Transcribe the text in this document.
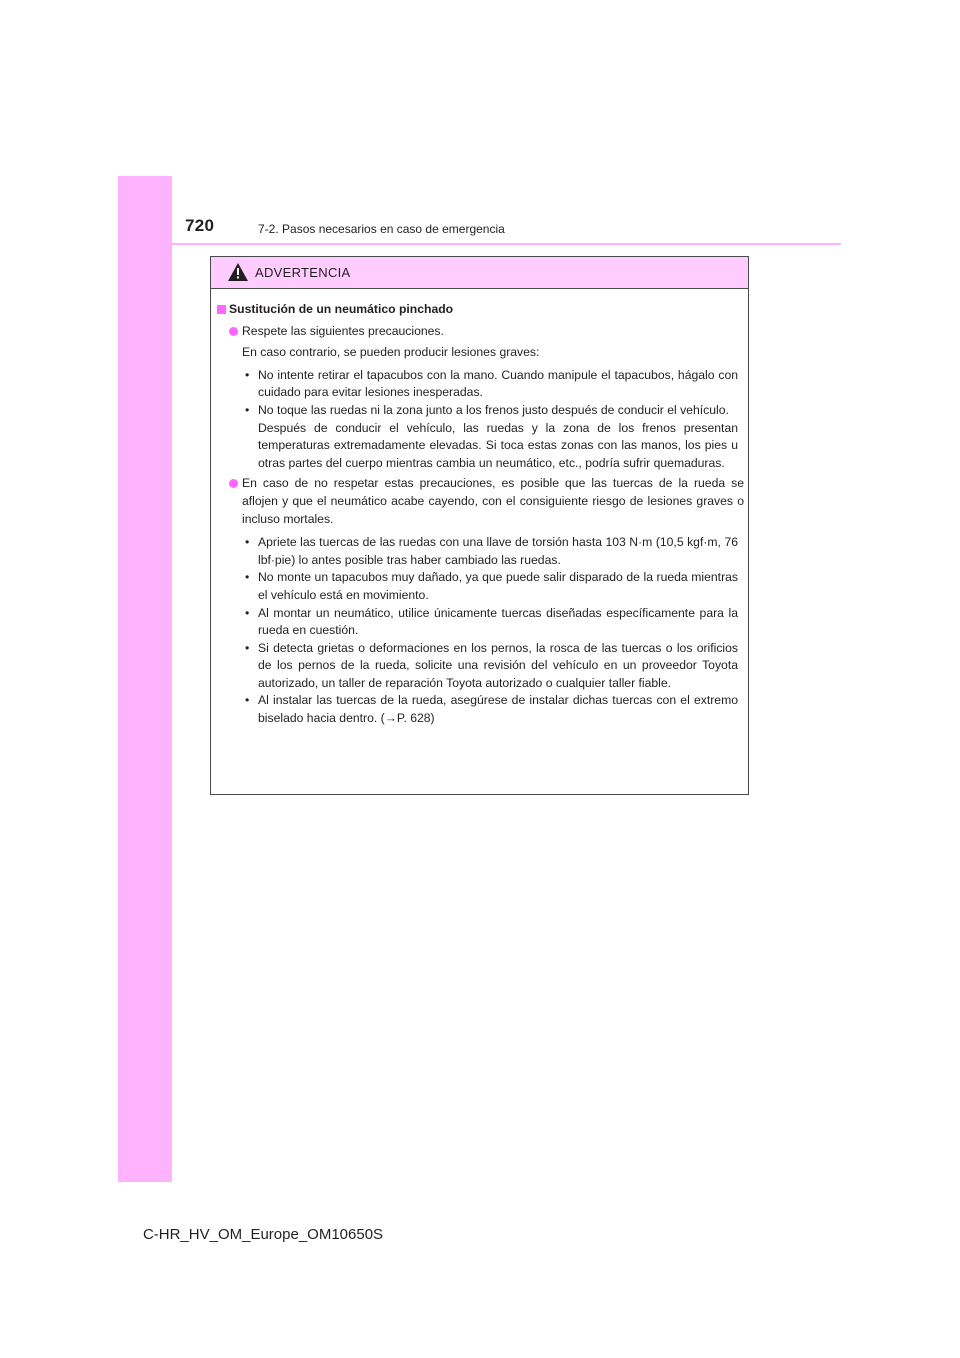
720	7-2. Pasos necesarios en caso de emergencia
ADVERTENCIA
Sustitución de un neumático pinchado
Respete las siguientes precauciones.
En caso contrario, se pueden producir lesiones graves:
• No intente retirar el tapacubos con la mano. Cuando manipule el tapacubos, hágalo con cuidado para evitar lesiones inesperadas.
• No toque las ruedas ni la zona junto a los frenos justo después de conducir el vehículo.
Después de conducir el vehículo, las ruedas y la zona de los frenos presentan temperaturas extremadamente elevadas. Si toca estas zonas con las manos, los pies u otras partes del cuerpo mientras cambia un neumático, etc., podría sufrir quemaduras.
En caso de no respetar estas precauciones, es posible que las tuercas de la rueda se aflojen y que el neumático acabe cayendo, con el consiguiente riesgo de lesiones graves o incluso mortales.
• Apriete las tuercas de las ruedas con una llave de torsión hasta 103 N·m (10,5 kgf·m, 76 lbf·pie) lo antes posible tras haber cambiado las ruedas.
• No monte un tapacubos muy dañado, ya que puede salir disparado de la rueda mientras el vehículo está en movimiento.
• Al montar un neumático, utilice únicamente tuercas diseñadas específicamente para la rueda en cuestión.
• Si detecta grietas o deformaciones en los pernos, la rosca de las tuercas o los orificios de los pernos de la rueda, solicite una revisión del vehículo en un proveedor Toyota autorizado, un taller de reparación Toyota autorizado o cualquier taller fiable.
• Al instalar las tuercas de la rueda, asegúrese de instalar dichas tuercas con el extremo biselado hacia dentro. (→P. 628)
C-HR_HV_OM_Europe_OM10650S
